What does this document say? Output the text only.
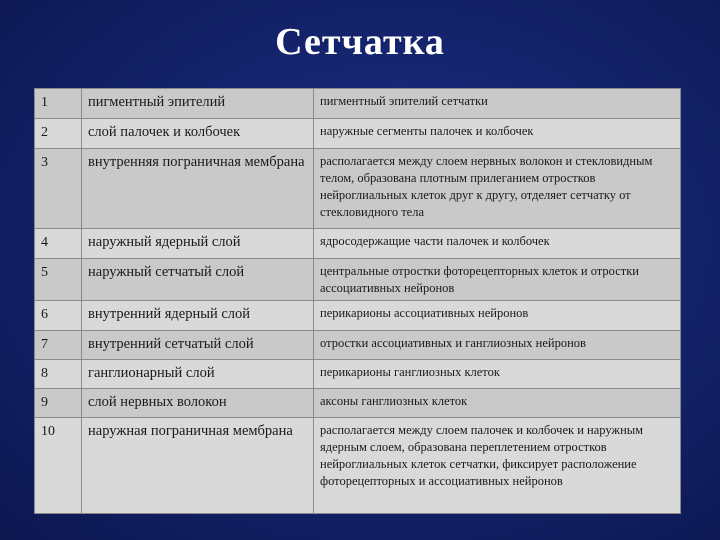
Сетчатка
1	пигментный эпителий	пигментный эпителий сетчатки
2	слой палочек и колбочек	наружные сегменты палочек и колбочек
3	внутренняя пограничная мембрана	располагается между слоем нервных волокон и стекловидным телом, образована плотным прилеганием отростков нейроглиальных клеток друг к другу, отделяет сетчатку от стекловидного тела
4	наружный ядерный слой	ядросодержащие части палочек и колбочек
5	наружный сетчатый слой	центральные отростки фоторецепторных клеток и отростки ассоциативных нейронов
6	внутренний ядерный слой	перикарионы ассоциативных нейронов
7	внутренний сетчатый слой	отростки ассоциативных и ганглиозных нейронов
8	ганглионарный слой	перикарионы ганглиозных клеток
9	слой нервных волокон	аксоны ганглиозных клеток
10	наружная пограничная мембрана	располагается между слоем палочек и колбочек и наружным ядерным слоем, образована переплетением отростков нейроглиальных клеток сетчатки, фиксирует расположение фоторецепторных и ассоциативных нейронов
